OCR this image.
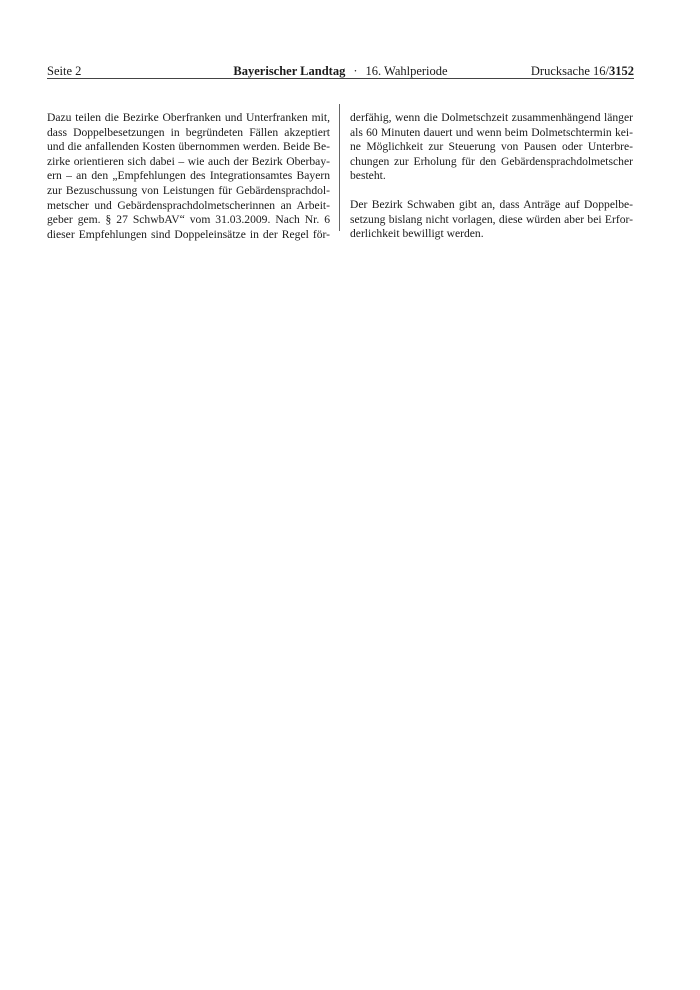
Seite 2	Bayerischer Landtag · 16. Wahlperiode	Drucksache 16/3152

Dazu teilen die Bezirke Oberfranken und Unterfranken mit,
dass Doppelbesetzungen in begründeten Fällen akzeptiert
und die anfallenden Kosten übernommen werden. Beide Be-
zirke orientieren sich dabei – wie auch der Bezirk Oberbay-
ern – an den „Empfehlungen des Integrationsamtes Bayern
zur Bezuschussung von Leistungen für Gebärdensprachdol-
metscher und Gebärdensprachdolmetscherinnen an Arbeit-
geber gem. § 27 SchwbAV“ vom 31.03.2009. Nach Nr. 6
dieser Empfehlungen sind Doppeleinsätze in der Regel för-

derfähig, wenn die Dolmetschzeit zusammenhängend länger
als 60 Minuten dauert und wenn beim Dolmetschtermin kei-
ne Möglichkeit zur Steuerung von Pausen oder Unterbre-
chungen zur Erholung für den Gebärdensprachdolmetscher
besteht.

Der Bezirk Schwaben gibt an, dass Anträge auf Doppelbe-
setzung bislang nicht vorlagen, diese würden aber bei Erfor-
derlichkeit bewilligt werden.
